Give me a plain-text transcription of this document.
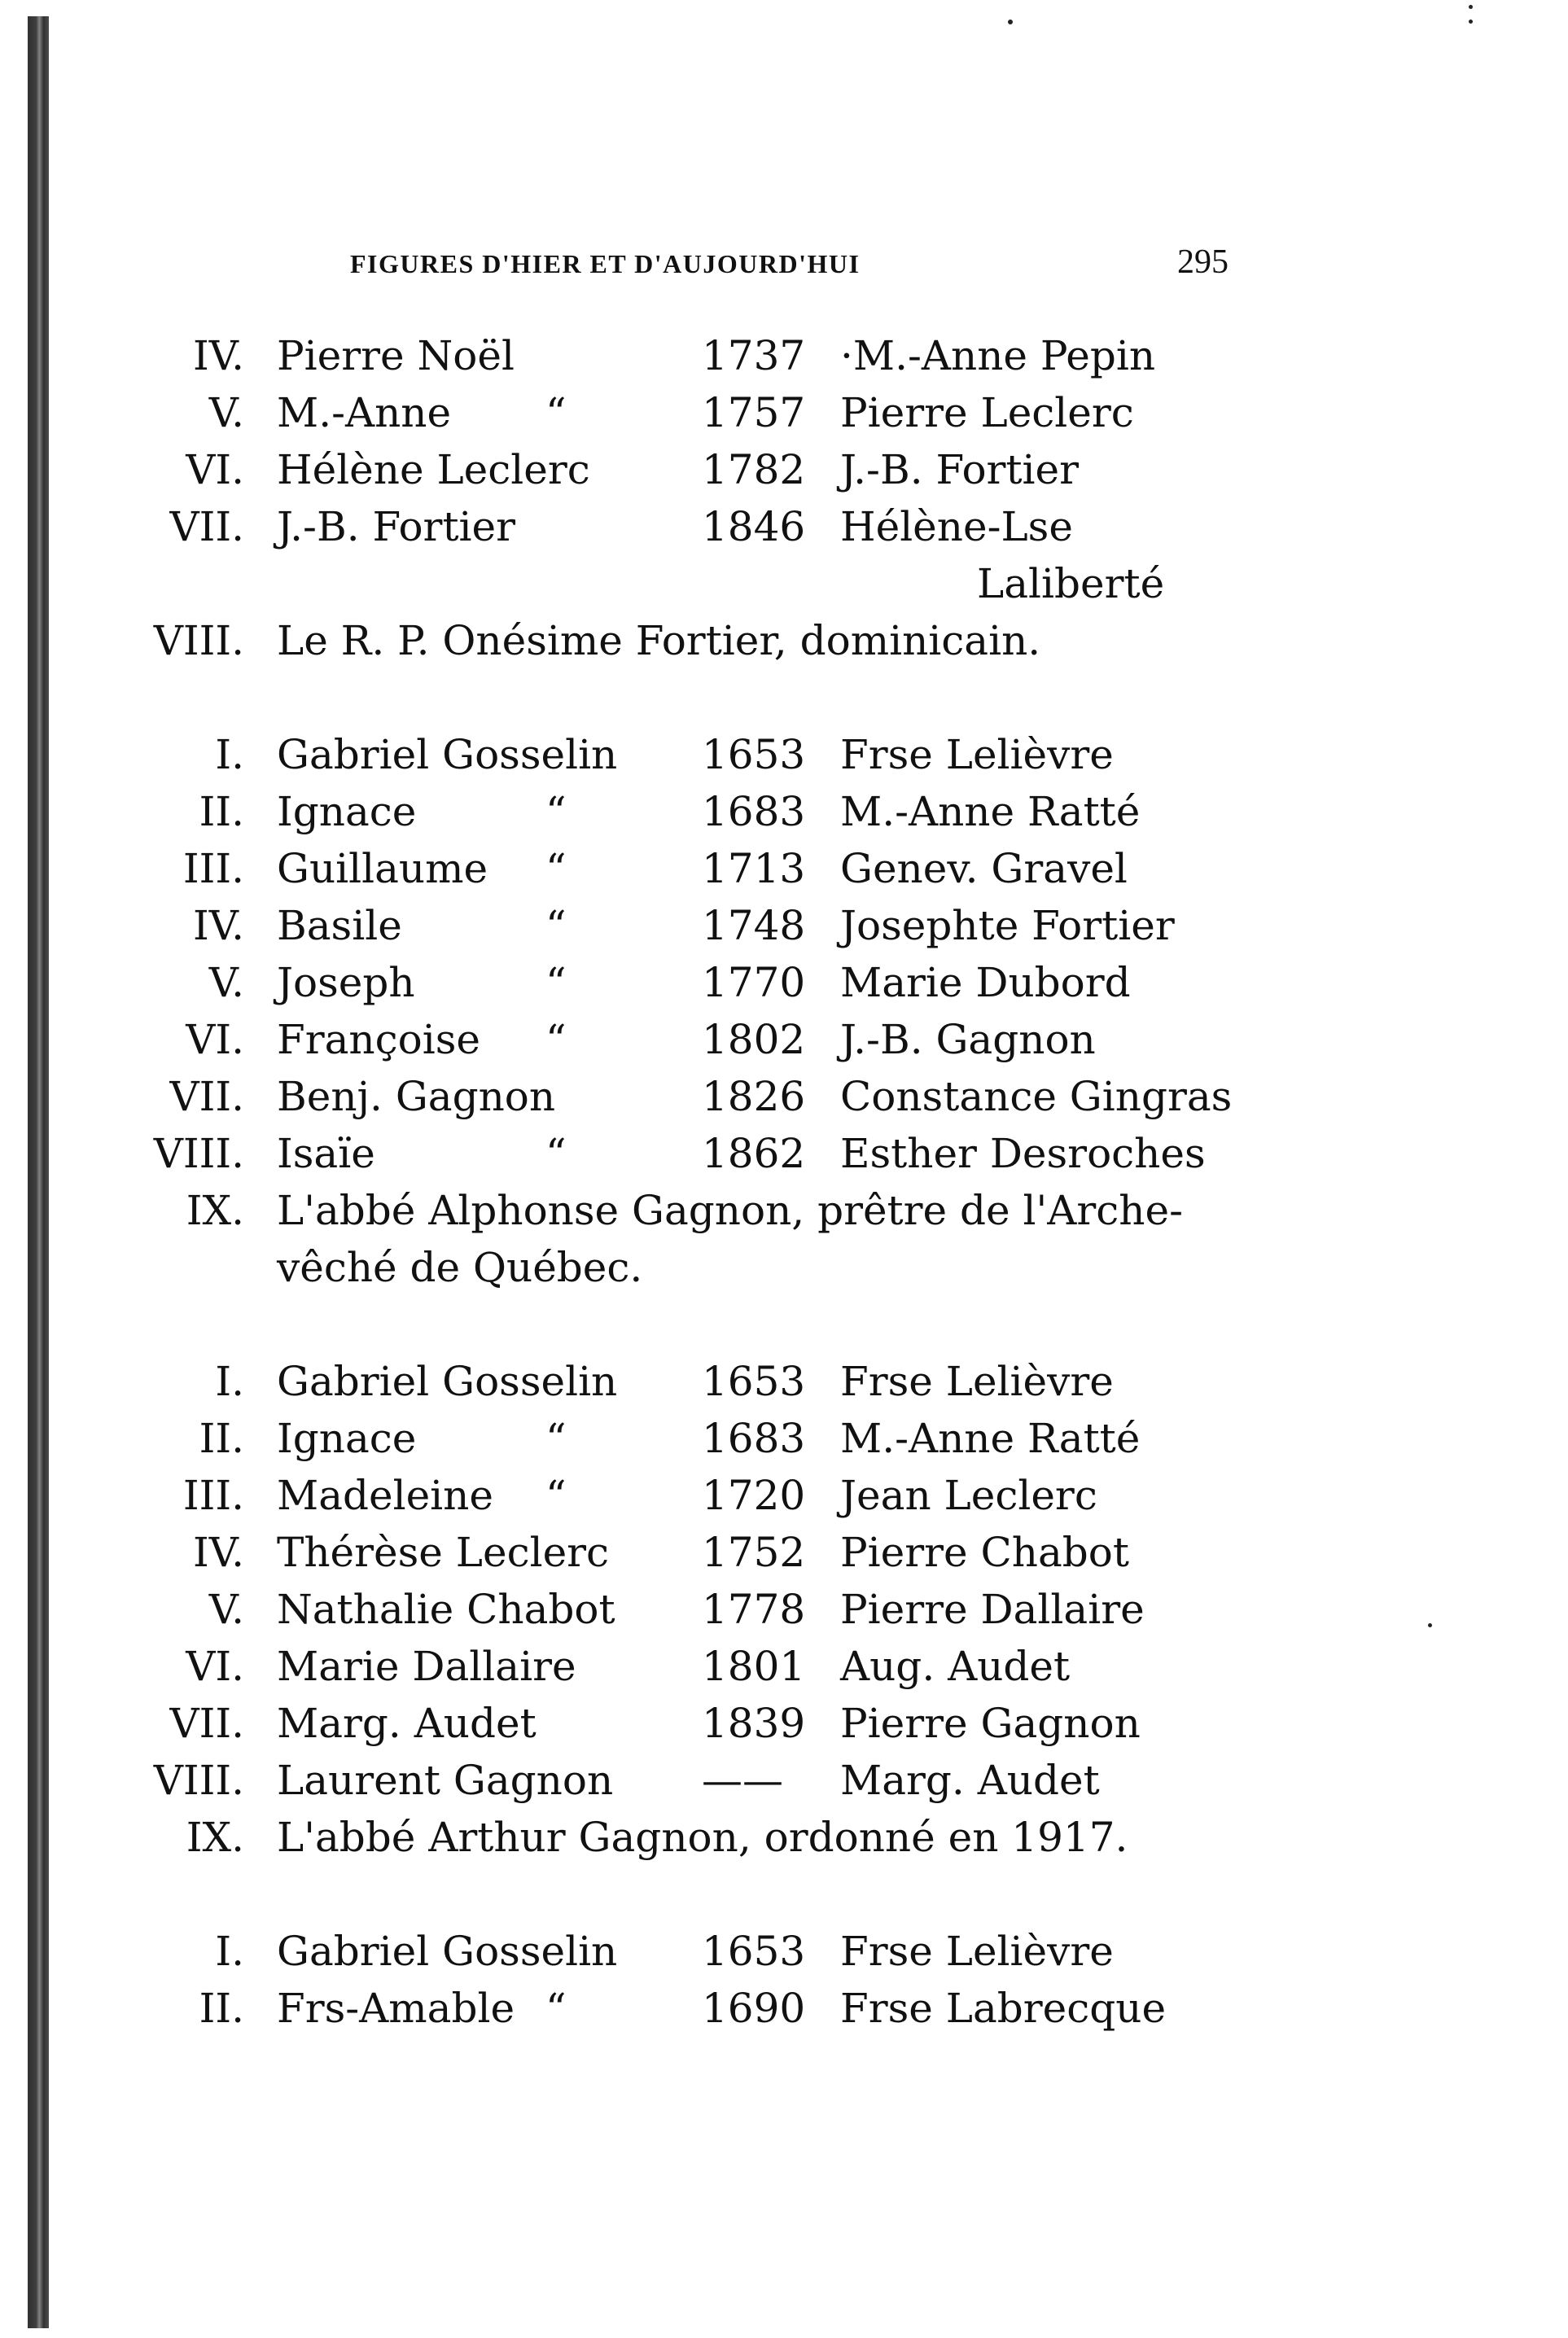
FIGURES D'HIER ET D'AUJOURD'HUI	295
IV. Pierre Noël	1737 ·M.-Anne Pepin
V. M.-Anne “	1757 Pierre Leclerc
VI. Hélène Leclerc	1782 J.-B. Fortier
VII. J.-B. Fortier	1846 Hélène-Lse
Laliberté
VIII. Le R. P. Onésime Fortier, dominicain.
I. Gabriel Gosselin 1653 Frse Lelièvre
II. Ignace	“	1683 M.-Anne Ratté
III. Guillaume “	1713 Genev. Gravel
IV. Basile	“	1748 Josephte Fortier
V. Joseph	“	1770 Marie Dubord
VI. Françoise “	1802 J.-B. Gagnon
VII. Benj. Gagnon	1826 Constance Gingras
VIII. Isaïe	“	1862 Esther Desroches
IX. L'abbé Alphonse Gagnon, prêtre de l'Arche-
vêché de Québec.
I. Gabriel Gosselin 1653 Frse Lelièvre
II. Ignace	“	1683 M.-Anne Ratté
III. Madeleine “	1720 Jean Leclerc
IV. Thérèse Leclerc 1752 Pierre Chabot
V. Nathalie Chabot 1778 Pierre Dallaire
VI. Marie Dallaire	1801 Aug. Audet
VII. Marg. Audet	1839 Pierre Gagnon
VIII. Laurent Gagnon —— Marg. Audet
IX. L'abbé Arthur Gagnon, ordonné en 1917.
I. Gabriel Gosselin 1653 Frse Lelièvre
II. Frs-Amable “	1690 Frse Labrecque
